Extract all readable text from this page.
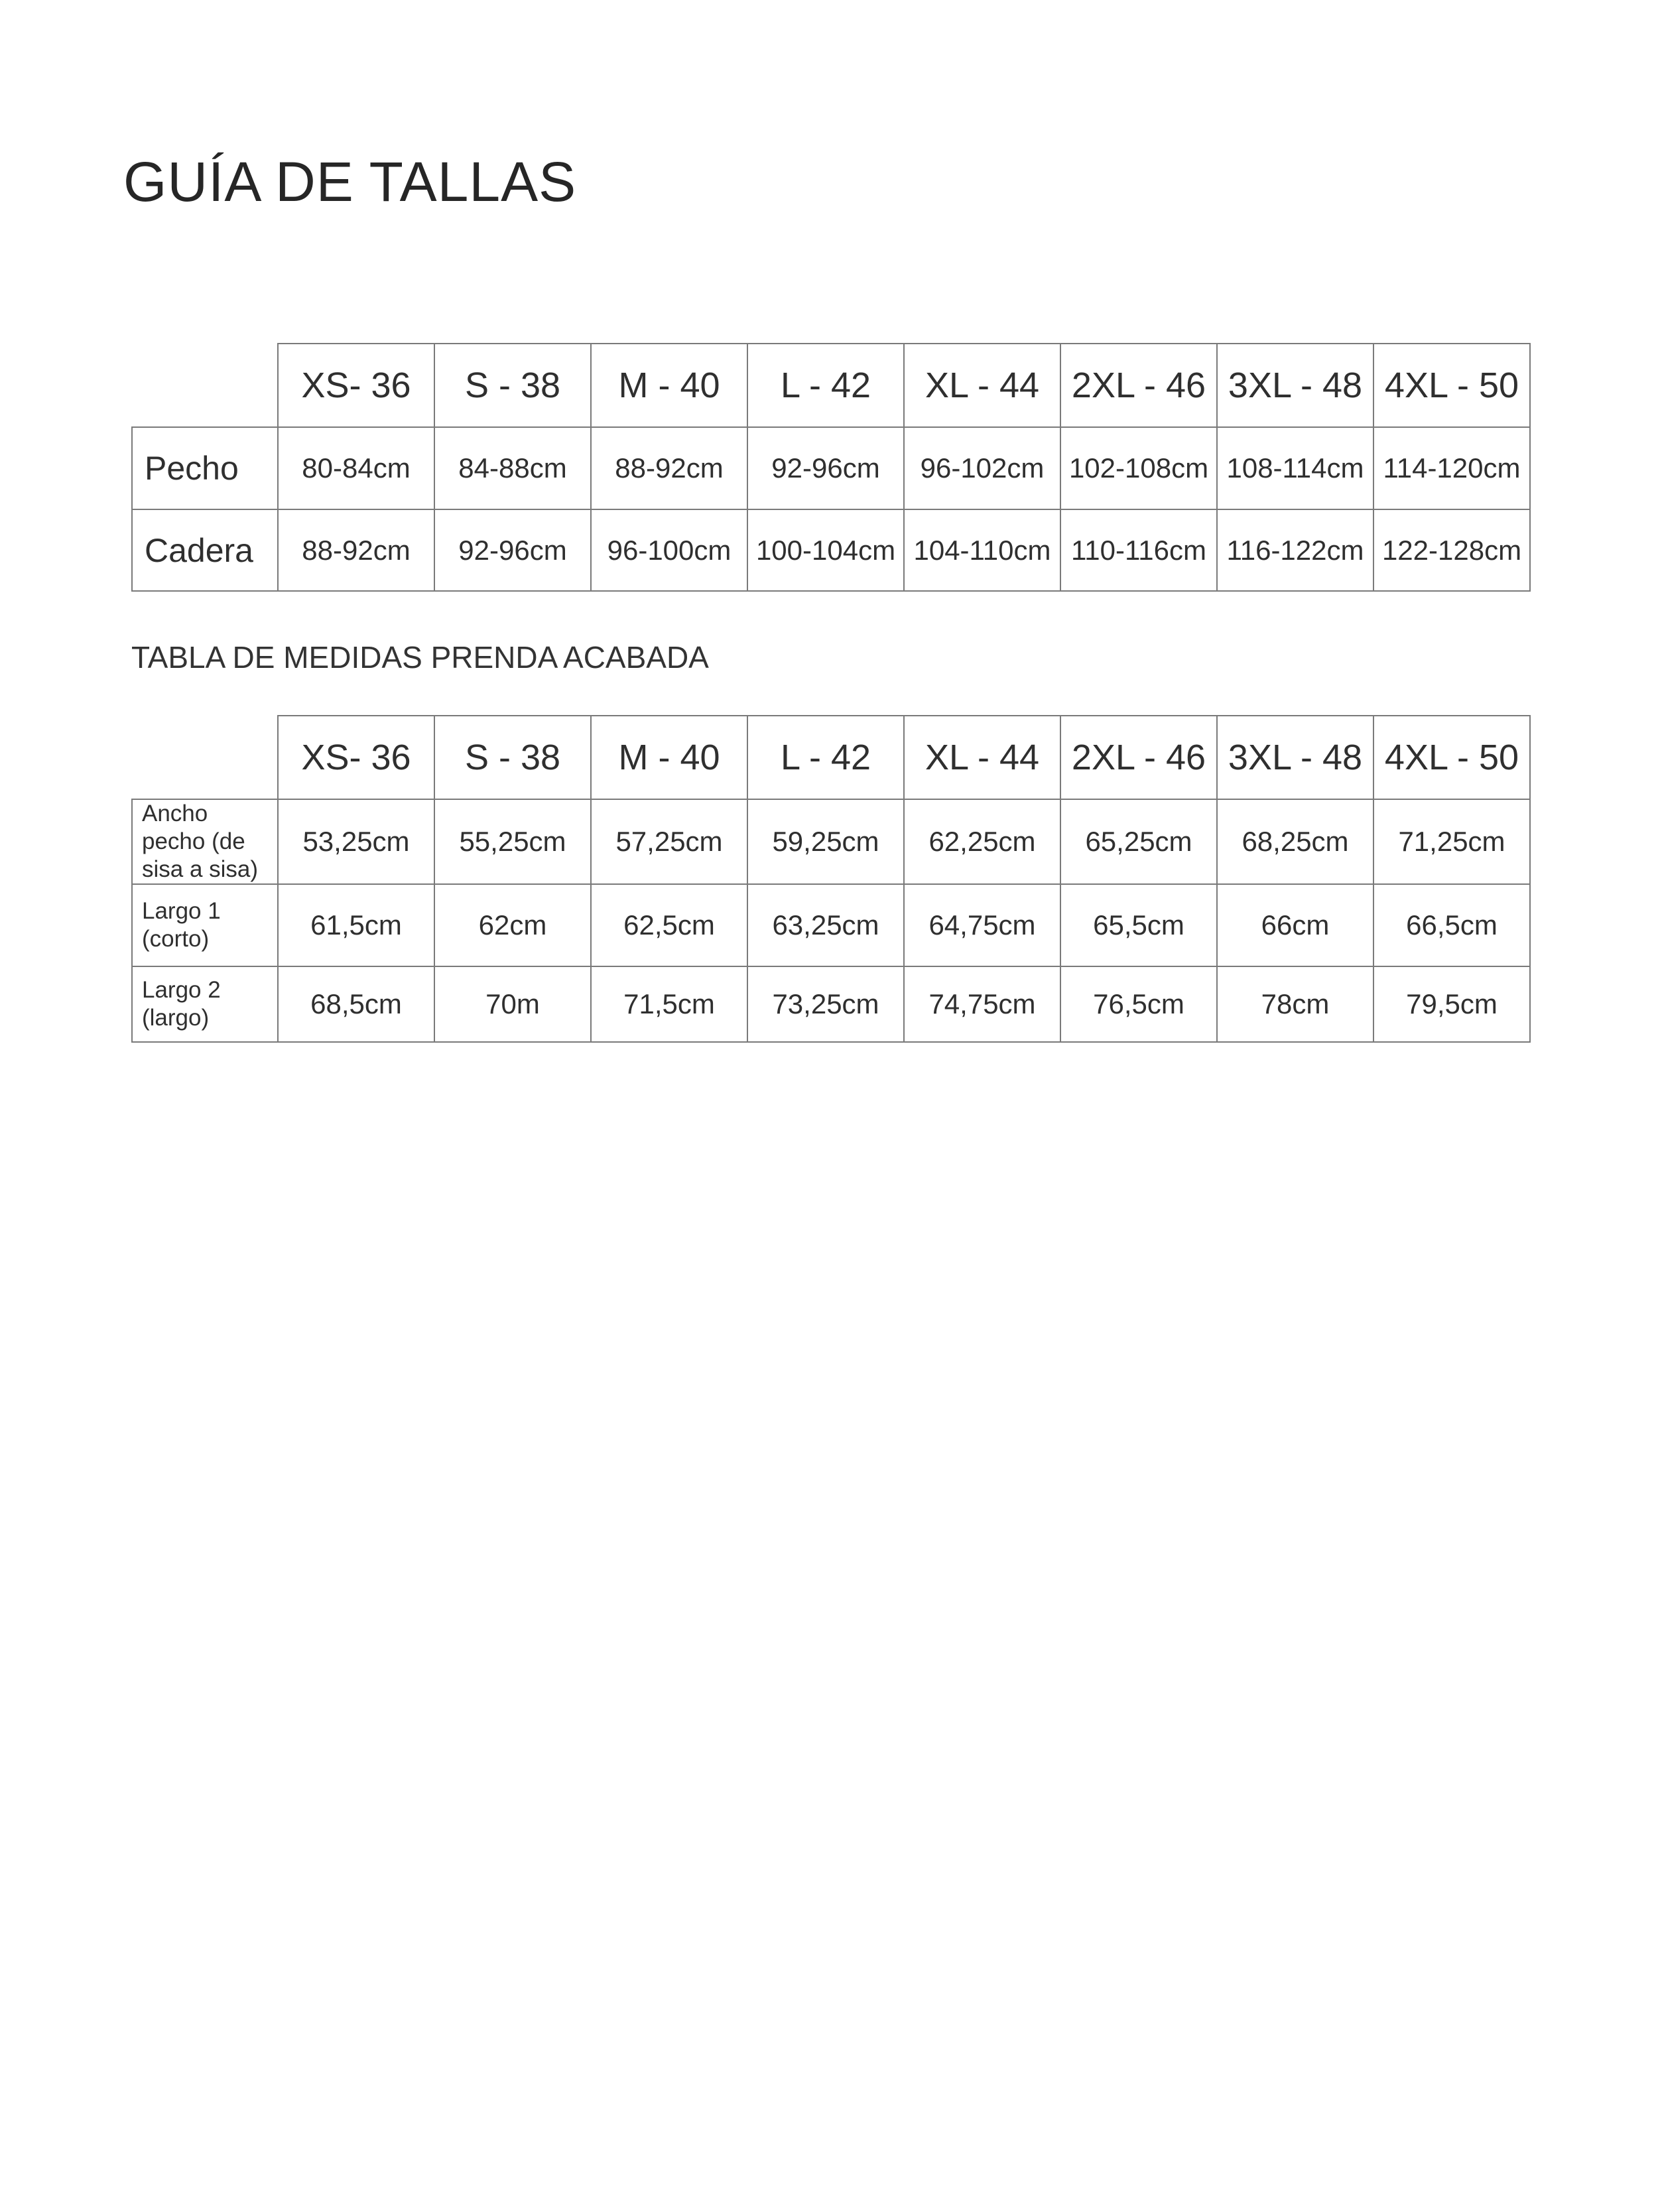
GUÍA DE TALLAS
	XS- 36	S - 38	M - 40	L - 42	XL - 44	2XL - 46	3XL - 48	4XL - 50
Pecho	80-84cm	84-88cm	88-92cm	92-96cm	96-102cm	102-108cm	108-114cm	114-120cm
Cadera	88-92cm	92-96cm	96-100cm	100-104cm	104-110cm	110-116cm	116-122cm	122-128cm

TABLA DE MEDIDAS PRENDA ACABADA

	XS- 36	S - 38	M - 40	L - 42	XL - 44	2XL - 46	3XL - 48	4XL - 50
Ancho pecho (de sisa a sisa)	53,25cm	55,25cm	57,25cm	59,25cm	62,25cm	65,25cm	68,25cm	71,25cm
Largo 1 (corto)	61,5cm	62cm	62,5cm	63,25cm	64,75cm	65,5cm	66cm	66,5cm
Largo 2 (largo)	68,5cm	70m	71,5cm	73,25cm	74,75cm	76,5cm	78cm	79,5cm
